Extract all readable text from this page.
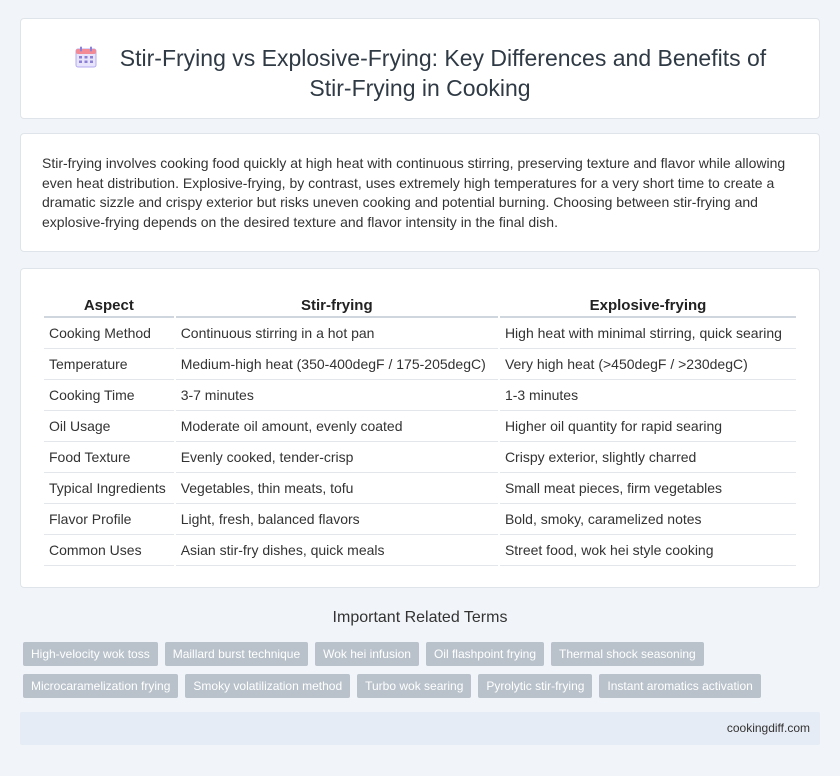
Stir-Frying vs Explosive-Frying: Key Differences and Benefits of Stir-Frying in Cooking

Stir-frying involves cooking food quickly at high heat with continuous stirring, preserving texture and flavor while allowing even heat distribution. Explosive-frying, by contrast, uses extremely high temperatures for a very short time to create a dramatic sizzle and crispy exterior but risks uneven cooking and potential burning. Choosing between stir-frying and explosive-frying depends on the desired texture and flavor intensity in the final dish.

Aspect	Stir-frying	Explosive-frying
Cooking Method	Continuous stirring in a hot pan	High heat with minimal stirring, quick searing
Temperature	Medium-high heat (350-400degF / 175-205degC)	Very high heat (>450degF / >230degC)
Cooking Time	3-7 minutes	1-3 minutes
Oil Usage	Moderate oil amount, evenly coated	Higher oil quantity for rapid searing
Food Texture	Evenly cooked, tender-crisp	Crispy exterior, slightly charred
Typical Ingredients	Vegetables, thin meats, tofu	Small meat pieces, firm vegetables
Flavor Profile	Light, fresh, balanced flavors	Bold, smoky, caramelized notes
Common Uses	Asian stir-fry dishes, quick meals	Street food, wok hei style cooking
Important Related Terms
High-velocity wok toss	Maillard burst technique	Wok hei infusion	Oil flashpoint frying	Thermal shock seasoning
Microcaramelization frying	Smoky volatilization method	Turbo wok searing	Pyrolytic stir-frying	Instant aromatics activation
cookingdiff.com
